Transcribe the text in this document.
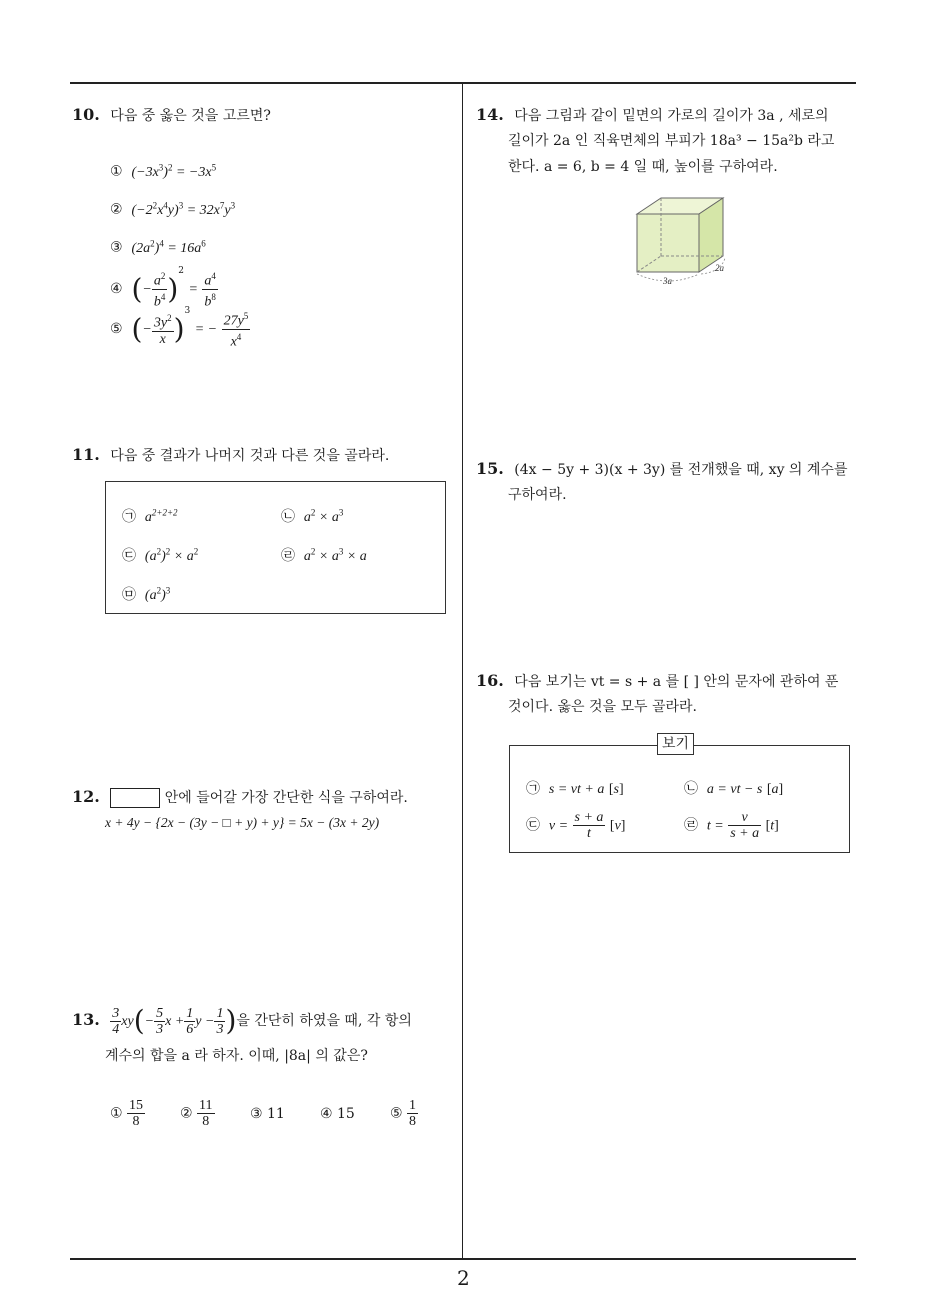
2
10. 다음 중 옳은 것을 고르면?
① $(-3x^3)^2 = -3x^5$
② $(-2^2x^4y)^3 = 32x^7y^3$
③ $(2a^2)^4 = 16a^6$
④ (− $\frac{a^2}{b^4} )^2 = \frac{a^4}{b^8}$
⑤ (− $\frac{3y^2}{x} )^3$ = − $\frac{27y^5}{x^4}$
11. 다음 중 결과가 나머지 것과 다른 것을 골라라.
㉠ $a^{2+2+2}$	㉡ $a^2 \times a^3$
㉢ $(a^2)^2 \times a^2$	㉣ $a^2 \times a^3 \times a$
㉤ $(a^2)^3$
12.	안에 들어갈 가장 간단한 식을 구하여라.
x + 4y − {2x − (3y − □ + y) + y} = 5x − (3x + 2y)
13. $\frac{3}{4} xy(- \frac{5}{3}$ $x + \frac{1}{6}$ $y - \frac{1}{3}$ )을 간단히 하였을 때, 각 항의
계수의 합을 a 라 하자. 이때, |8a| 의 값은?
① $\frac{15}{8}$ ② $\frac{11}{8}$	③ 11	④ 15	⑤ $\frac{1}{8}$
14. 다음 그림과 같이 밑면의 가로의 길이가 3a , 세로의
길이가 2a 인 직육면체의 부피가 18a³ − 15a²b 라고
한다. a = 6, b = 4 일 때, 높이를 구하여라.
3a
2a
15. (4x − 5y + 3)(x + 3y) 를 전개했을 때, xy 의 계수를
구하여라.
16. 다음 보기는 vt = s + a 를 [ ] 안의 문자에 관하여 푼
것이다. 옳은 것을 모두 골라라.
보기
㉠ s = vt + a [s]	㉡ a = vt − s [a]
㉢ $v = \frac{s + a}{t} [v]$	㉣ $t = \frac{v}{s + a} [t]$
